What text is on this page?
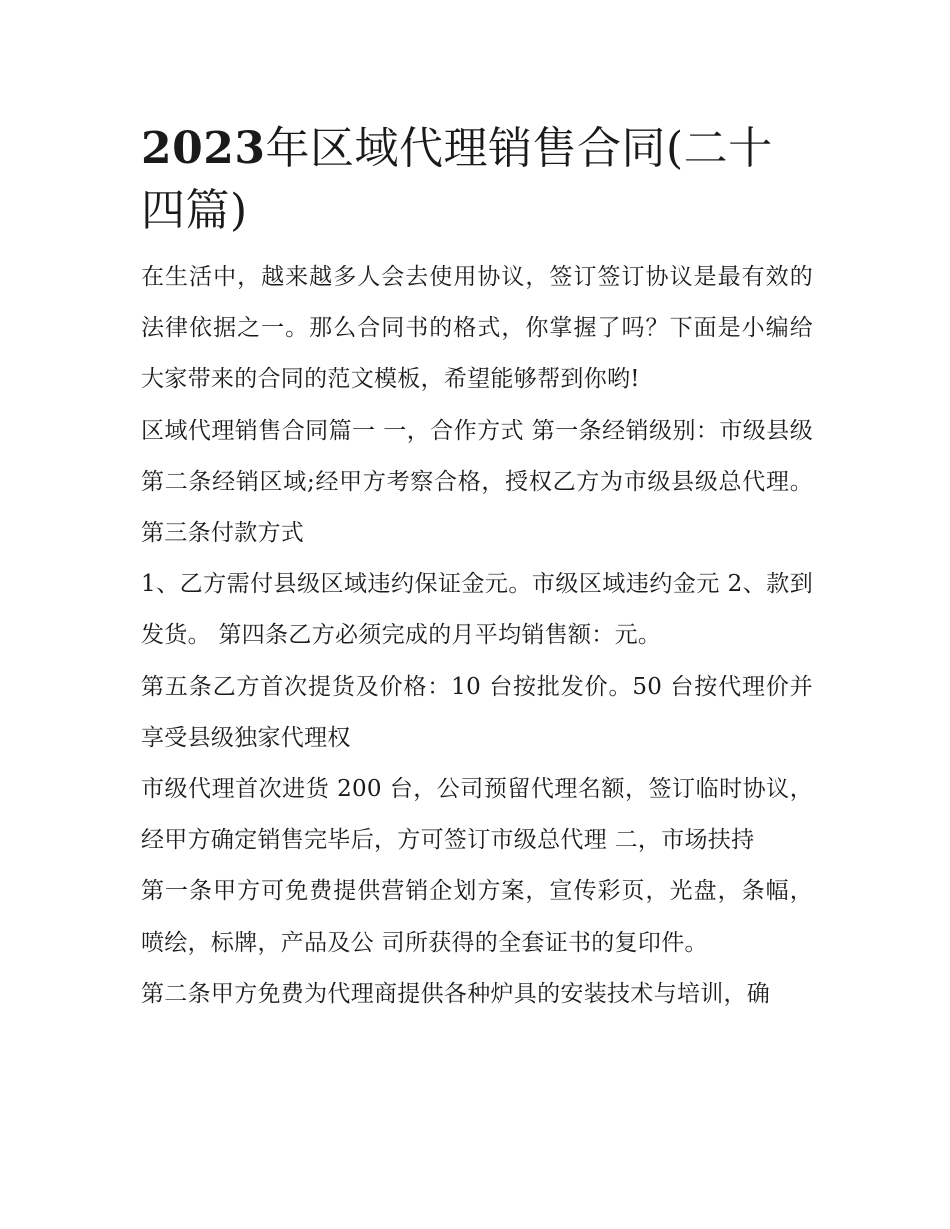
2023年区域代理销售合同(二十四篇)

在生活中，越来越多人会去使用协议，签订签订协议是最有效的法律依据之一。那么合同书的格式，你掌握了吗？下面是小编给大家带来的合同的范文模板，希望能够帮到你哟!

区域代理销售合同篇一 一，合作方式 第一条经销级别：市级县级 第二条经销区域;经甲方考察合格，授权乙方为市级县级总代理。 第三条付款方式

1、乙方需付县级区域违约保证金元。市级区域违约金元 2、款到发货。 第四条乙方必须完成的月平均销售额：元。

第五条乙方首次提货及价格：10 台按批发价。50 台按代理价并享受县级独家代理权

市级代理首次进货 200 台，公司预留代理名额，签订临时协议，经甲方确定销售完毕后，方可签订市级总代理 二，市场扶持

第一条甲方可免费提供营销企划方案，宣传彩页，光盘，条幅，喷绘，标牌，产品及公 司所获得的全套证书的复印件。

第二条甲方免费为代理商提供各种炉具的安装技术与培训，确
